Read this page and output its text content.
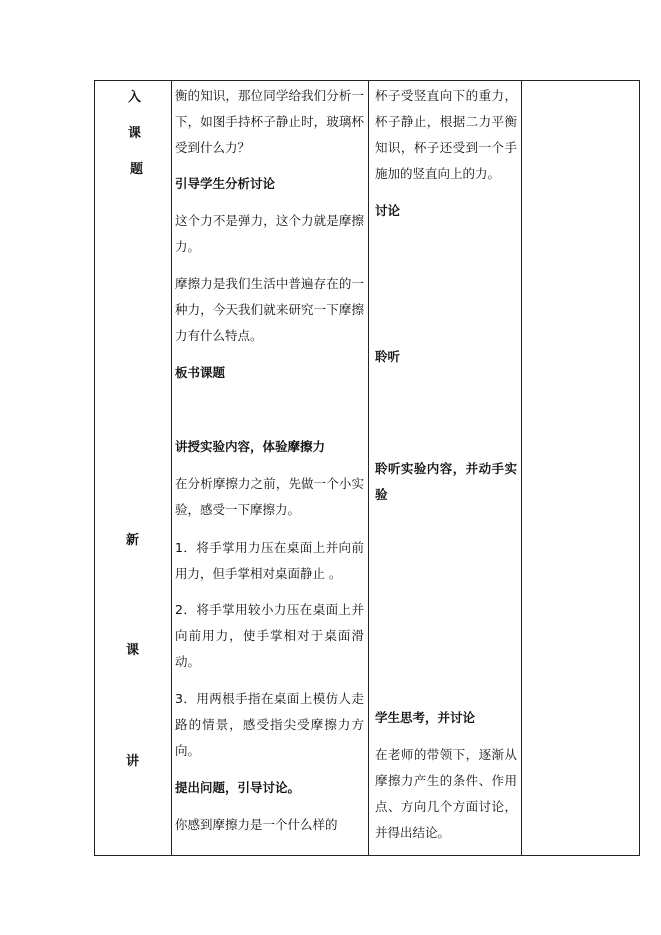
入
课
题
新
课
讲

衡的知识，那位同学给我们分析一下，如图手持杯子静止时，玻璃杯受到什么力？

引导学生分析讨论

这个力不是弹力，这个力就是摩擦力。

摩擦力是我们生活中普遍存在的一种力，今天我们就来研究一下摩擦力有什么特点。

板书课题

讲授实验内容，体验摩擦力

在分析摩擦力之前，先做一个小实验，感受一下摩擦力。

1．将手掌用力压在桌面上并向前用力，但手掌相对桌面静止 。

2．将手掌用较小力压在桌面上并向前用力，使手掌相对于桌面滑动。

3．用两根手指在桌面上模仿人走路的情景，感受指尖受摩擦力方向。

提出问题，引导讨论。

你感到摩擦力是一个什么样的

杯子受竖直向下的重力，杯子静止，根据二力平衡知识，杯子还受到一个手施加的竖直向上的力。

讨论

聆听

聆听实验内容，并动手实验

学生思考，并讨论

在老师的带领下，逐渐从摩擦力产生的条件、作用点、方向几个方面讨论，并得出结论。
